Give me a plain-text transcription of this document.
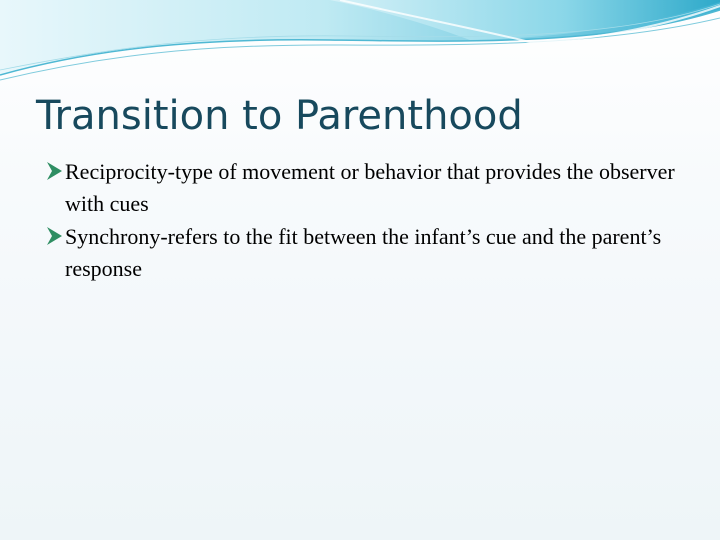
Transition to Parenthood
Reciprocity-type of movement or behavior that provides the observer with cues
Synchrony-refers to the fit between the infant’s cue and the parent’s response
